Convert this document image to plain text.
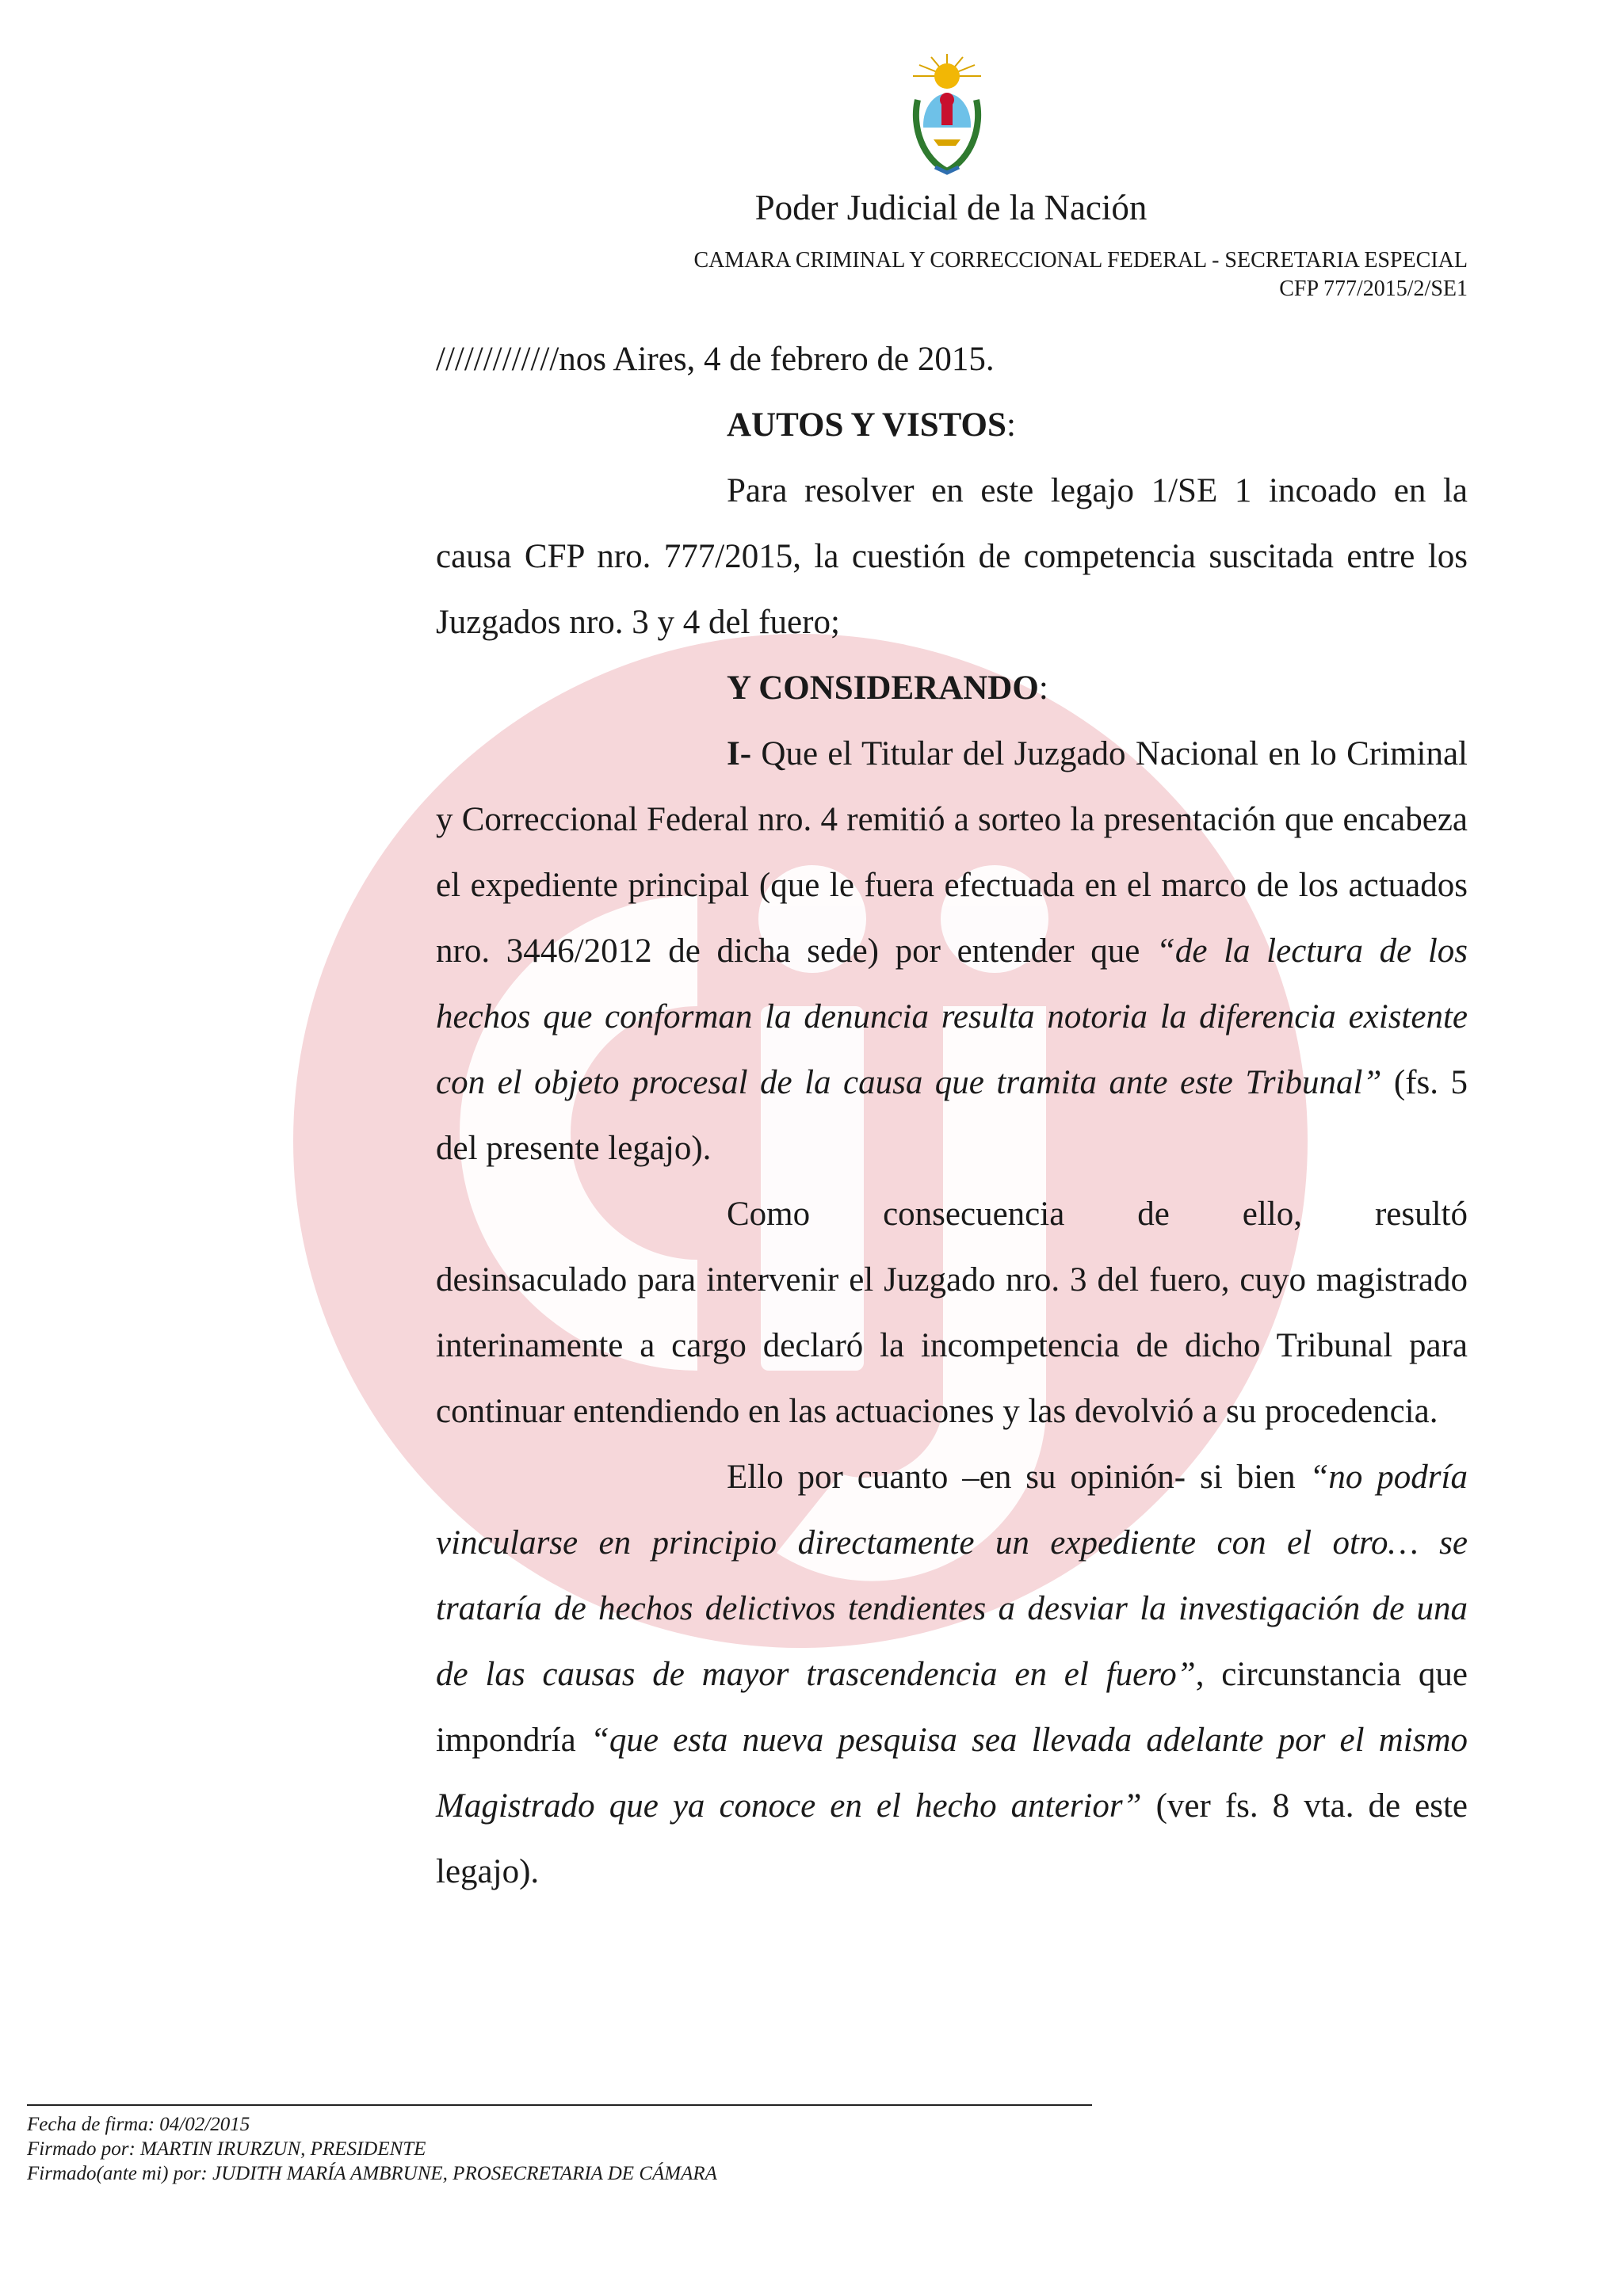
Poder Judicial de la Nación
CAMARA CRIMINAL Y CORRECCIONAL FEDERAL - SECRETARIA ESPECIAL
CFP 777/2015/2/SE1

/////////////nos Aires, 4 de febrero de 2015.

AUTOS Y VISTOS:

Para resolver en este legajo 1/SE 1 incoado en la causa CFP nro. 777/2015, la cuestión de competencia suscitada entre los Juzgados nro. 3 y 4 del fuero;

Y CONSIDERANDO:

I- Que el Titular del Juzgado Nacional en lo Criminal y Correccional Federal nro. 4 remitió a sorteo la presentación que encabeza el expediente principal (que le fuera efectuada en el marco de los actuados nro. 3446/2012 de dicha sede) por entender que “de la lectura de los hechos que conforman la denuncia resulta notoria la diferencia existente con el objeto procesal de la causa que tramita ante este Tribunal” (fs. 5 del presente legajo).

Como consecuencia de ello, resultó

desinsaculado para intervenir el Juzgado nro. 3 del fuero, cuyo magistrado interinamente a cargo declaró la incompetencia de dicho Tribunal para continuar entendiendo en las actuaciones y las devolvió a su procedencia.

Ello por cuanto –en su opinión- si bien “no podría vincularse en principio directamente un expediente con el otro… se trataría de hechos delictivos tendientes a desviar la investigación de una de las causas de mayor trascendencia en el fuero”, circunstancia que impondría “que esta nueva pesquisa sea llevada adelante por el mismo Magistrado que ya conoce en el hecho anterior” (ver fs. 8 vta. de este legajo).

Fecha de firma: 04/02/2015
Firmado por: MARTIN IRURZUN, PRESIDENTE
Firmado(ante mi) por: JUDITH MARÍA AMBRUNE, PROSECRETARIA DE CÁMARA
